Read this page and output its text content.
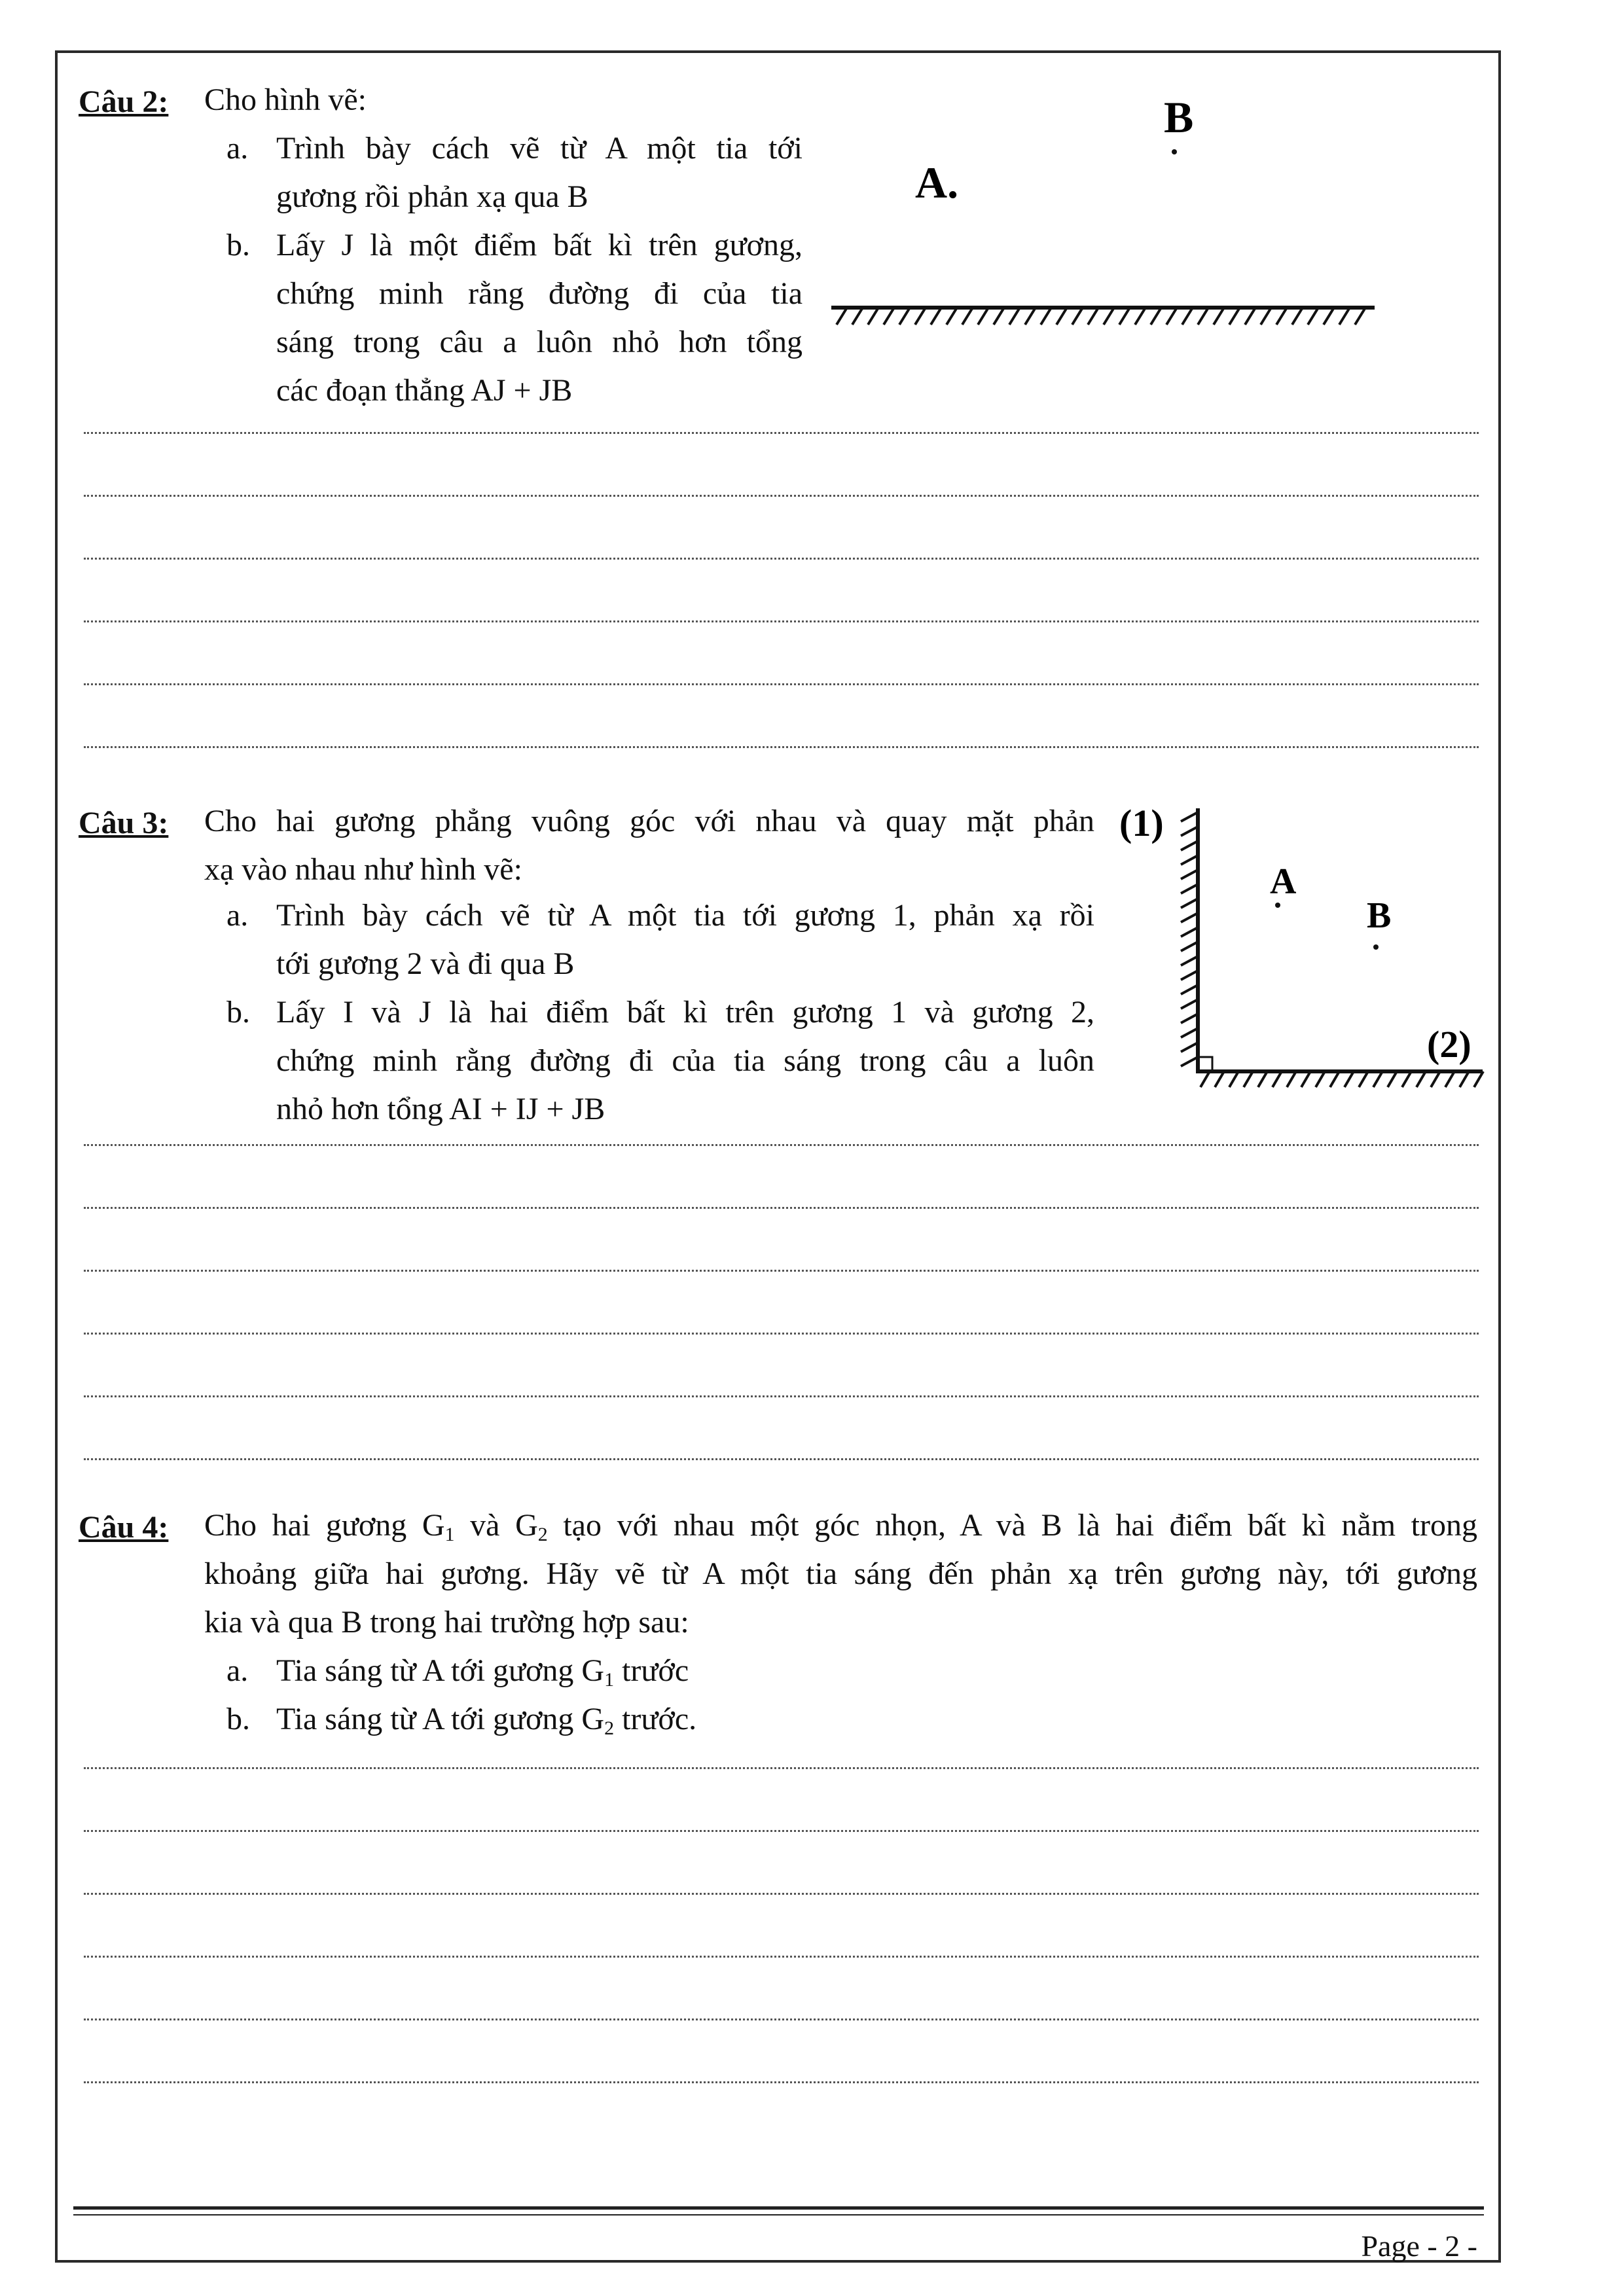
Câu 2: Cho hình vẽ:
a. Trình bày cách vẽ từ A một tia tới
gương rồi phản xạ qua B
b. Lấy J là một điểm bất kì trên gương,
chứng minh rằng đường đi của tia
sáng trong câu a luôn nhỏ hơn tổng
các đoạn thẳng AJ + JB
A.
B
Câu 3: Cho hai gương phẳng vuông góc với nhau và quay mặt phản
xạ vào nhau như hình vẽ:
a. Trình bày cách vẽ từ A một tia tới gương 1, phản xạ rồi
tới gương 2 và đi qua B
b. Lấy I và J là hai điểm bất kì trên gương 1 và gương 2,
chứng minh rằng đường đi của tia sáng trong câu a luôn
nhỏ hơn tổng AI + IJ + JB
(1)
(2)
A
B
Câu 4: Cho hai gương $G_1$ và $G_2$ tạo với nhau một góc nhọn, A và B là hai điểm bất kì nằm trong
khoảng giữa hai gương. Hãy vẽ từ A một tia sáng đến phản xạ trên gương này, tới gương
kia và qua B trong hai trường hợp sau:
a. Tia sáng từ A tới gương $G_1$ trước
b. Tia sáng từ A tới gương $G_2$ trước.
Page - 2 -
